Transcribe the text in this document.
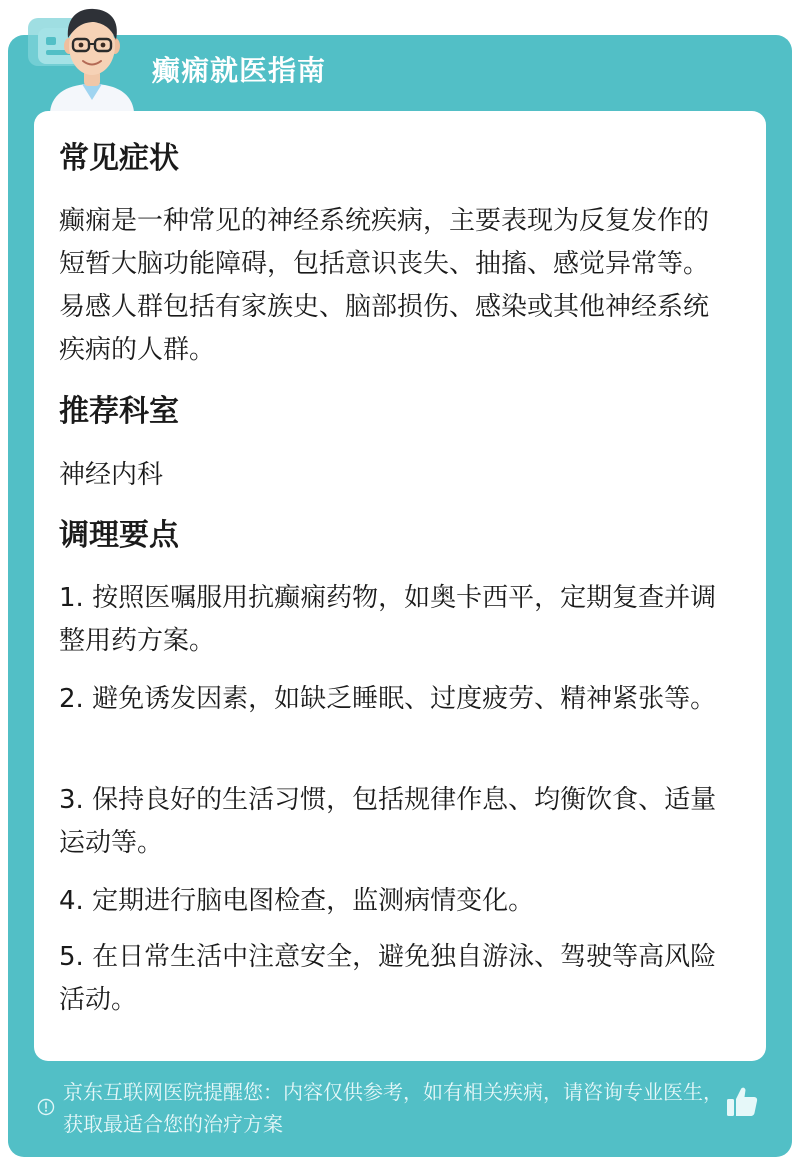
癫痫就医指南
常见症状

癫痫是一种常见的神经系统疾病，主要表现为反复发作的短暂大脑功能障碍，包括意识丧失、抽搐、感觉异常等。易感人群包括有家族史、脑部损伤、感染或其他神经系统疾病的人群。

推荐科室

神经内科

调理要点

1. 按照医嘱服用抗癫痫药物，如奥卡西平，定期复查并调整用药方案。

2. 避免诱发因素，如缺乏睡眠、过度疲劳、精神紧张等。

3. 保持良好的生活习惯，包括规律作息、均衡饮食、适量运动等。

4. 定期进行脑电图检查，监测病情变化。

5. 在日常生活中注意安全，避免独自游泳、驾驶等高风险活动。

京东互联网医院提醒您：内容仅供参考，如有相关疾病，请咨询专业医生，获取最适合您的治疗方案
